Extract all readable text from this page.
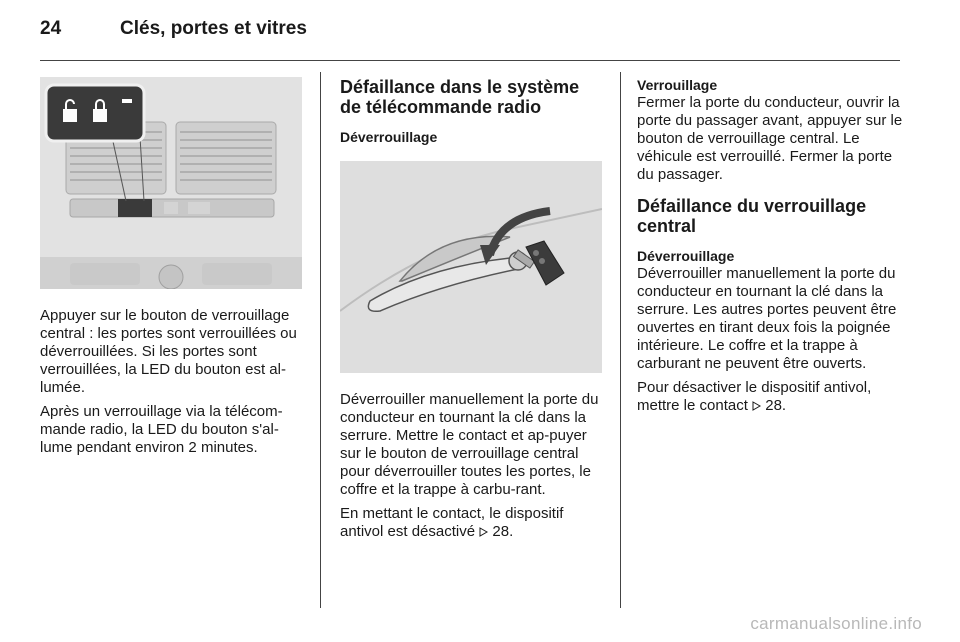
24	Clés, portes et vitres

Appuyer sur le bouton de verrouillage central : les portes sont verrouillées ou déverrouillées. Si les portes sont verrouillées, la LED du bouton est al-lumée.

Après un verrouillage via la télécom-mande radio, la LED du bouton s'al-lume pendant environ 2 minutes.

Défaillance dans le système de télécommande radio
Déverrouillage

Déverrouiller manuellement la porte du conducteur en tournant la clé dans la serrure. Mettre le contact et ap-puyer sur le bouton de verrouillage central pour déverrouiller toutes les portes, le coffre et la trappe à carbu-rant.

En mettant le contact, le dispositif antivol est désactivé 28.

Verrouillage

Fermer la porte du conducteur, ouvrir la porte du passager avant, appuyer sur le bouton de verrouillage central. Le véhicule est verrouillé. Fermer la porte du passager.

Défaillance du verrouillage central
Déverrouillage

Déverrouiller manuellement la porte du conducteur en tournant la clé dans la serrure. Les autres portes peuvent être ouvertes en tirant deux fois la poignée intérieure. Le coffre et la trappe à carburant ne peuvent être ouverts.

Pour désactiver le dispositif antivol, mettre le contact 28.

carmanualsonline.info
